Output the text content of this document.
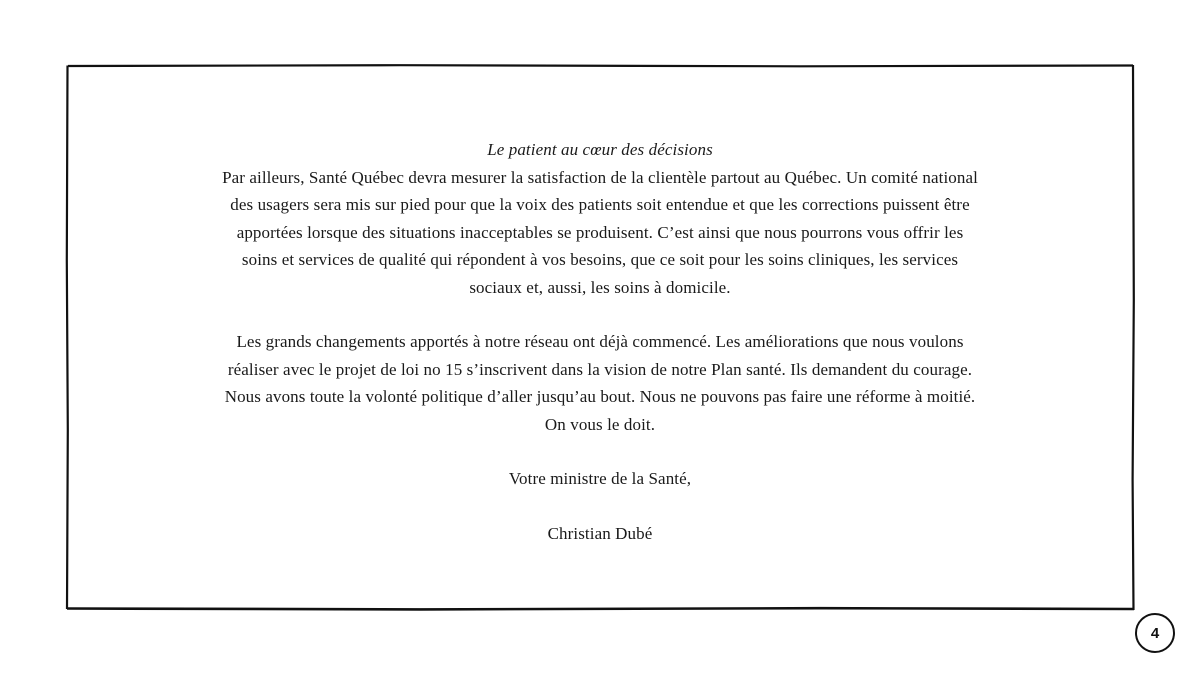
Le patient au cœur des décisions

Par ailleurs, Santé Québec devra mesurer la satisfaction de la clientèle partout au Québec. Un comité national
des usagers sera mis sur pied pour que la voix des patients soit entendue et que les corrections puissent être
apportées lorsque des situations inacceptables se produisent. C’est ainsi que nous pourrons vous offrir les
soins et services de qualité qui répondent à vos besoins, que ce soit pour les soins cliniques, les services
sociaux et, aussi, les soins à domicile.

Les grands changements apportés à notre réseau ont déjà commencé. Les améliorations que nous voulons
réaliser avec le projet de loi no 15 s’inscrivent dans la vision de notre Plan santé. Ils demandent du courage.
Nous avons toute la volonté politique d’aller jusqu’au bout. Nous ne pouvons pas faire une réforme à moitié.
On vous le doit.

Votre ministre de la Santé,

Christian Dubé

4
